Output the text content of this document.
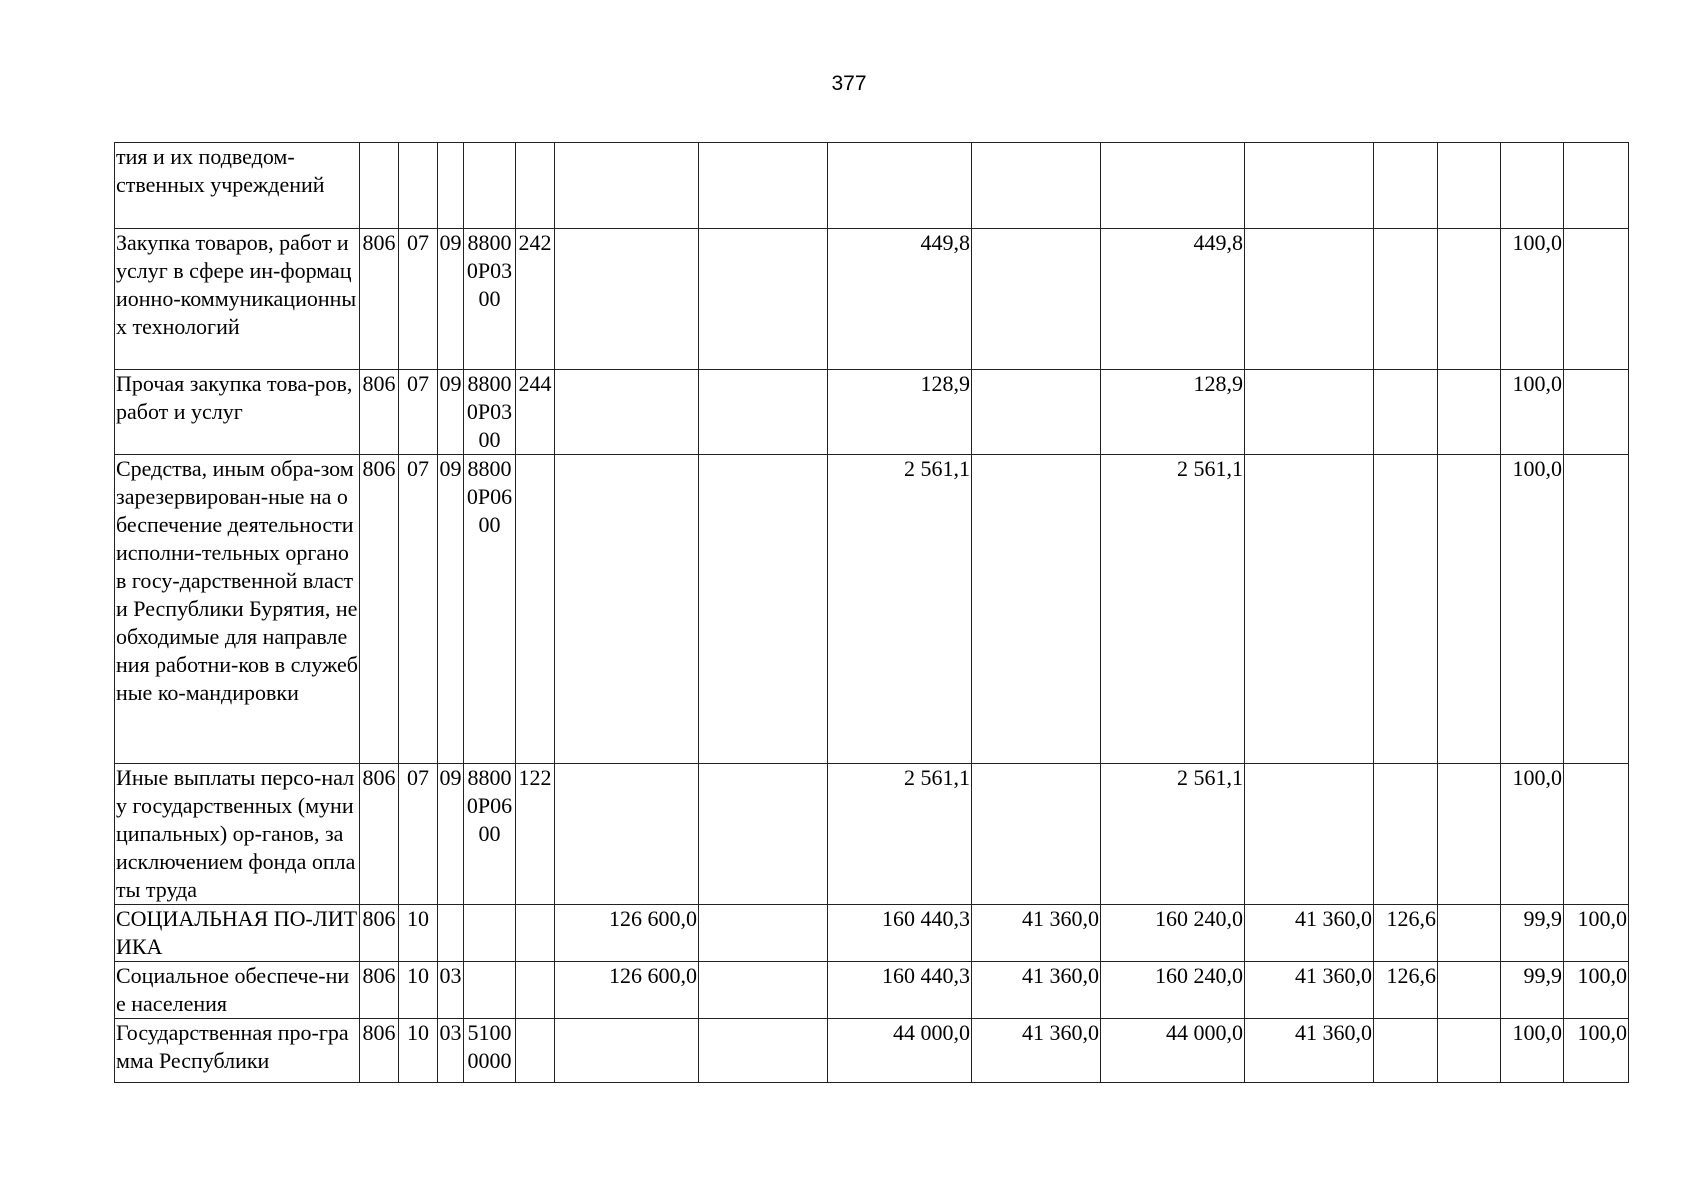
377
тия и их подведом-
ственных учреждений															
Закупка товаров, работ и услуг в сфере ин-формационно-коммуникационных технологий	806	07	09	8800 0Р03 00	242			449,8		449,8				100,0	
Прочая закупка това-ров, работ и услуг	806	07	09	8800 0Р03 00	244			128,9		128,9				100,0	
Средства, иным обра-зом зарезервирован-ные на обеспечение деятельности исполни-тельных органов госу-дарственной власти Республики Бурятия, необходимые для направления работни-ков в служебные ко-мандировки	806	07	09	8800 0Р06 00				2 561,1		2 561,1				100,0	
Иные выплаты персо-налу государственных (муниципальных) ор-ганов, за исключением фонда оплаты труда	806	07	09	8800 0Р06 00	122			2 561,1		2 561,1				100,0	
СОЦИАЛЬНАЯ ПО-ЛИТИКА	806	10				126 600,0		160 440,3	41 360,0	160 240,0	41 360,0	126,6		99,9	100,0
Социальное обеспече-ние населения	806	10	03			126 600,0		160 440,3	41 360,0	160 240,0	41 360,0	126,6		99,9	100,0
Государственная про-грамма Республики	806	10	03	5100 0000				44 000,0	41 360,0	44 000,0	41 360,0			100,0	100,0
